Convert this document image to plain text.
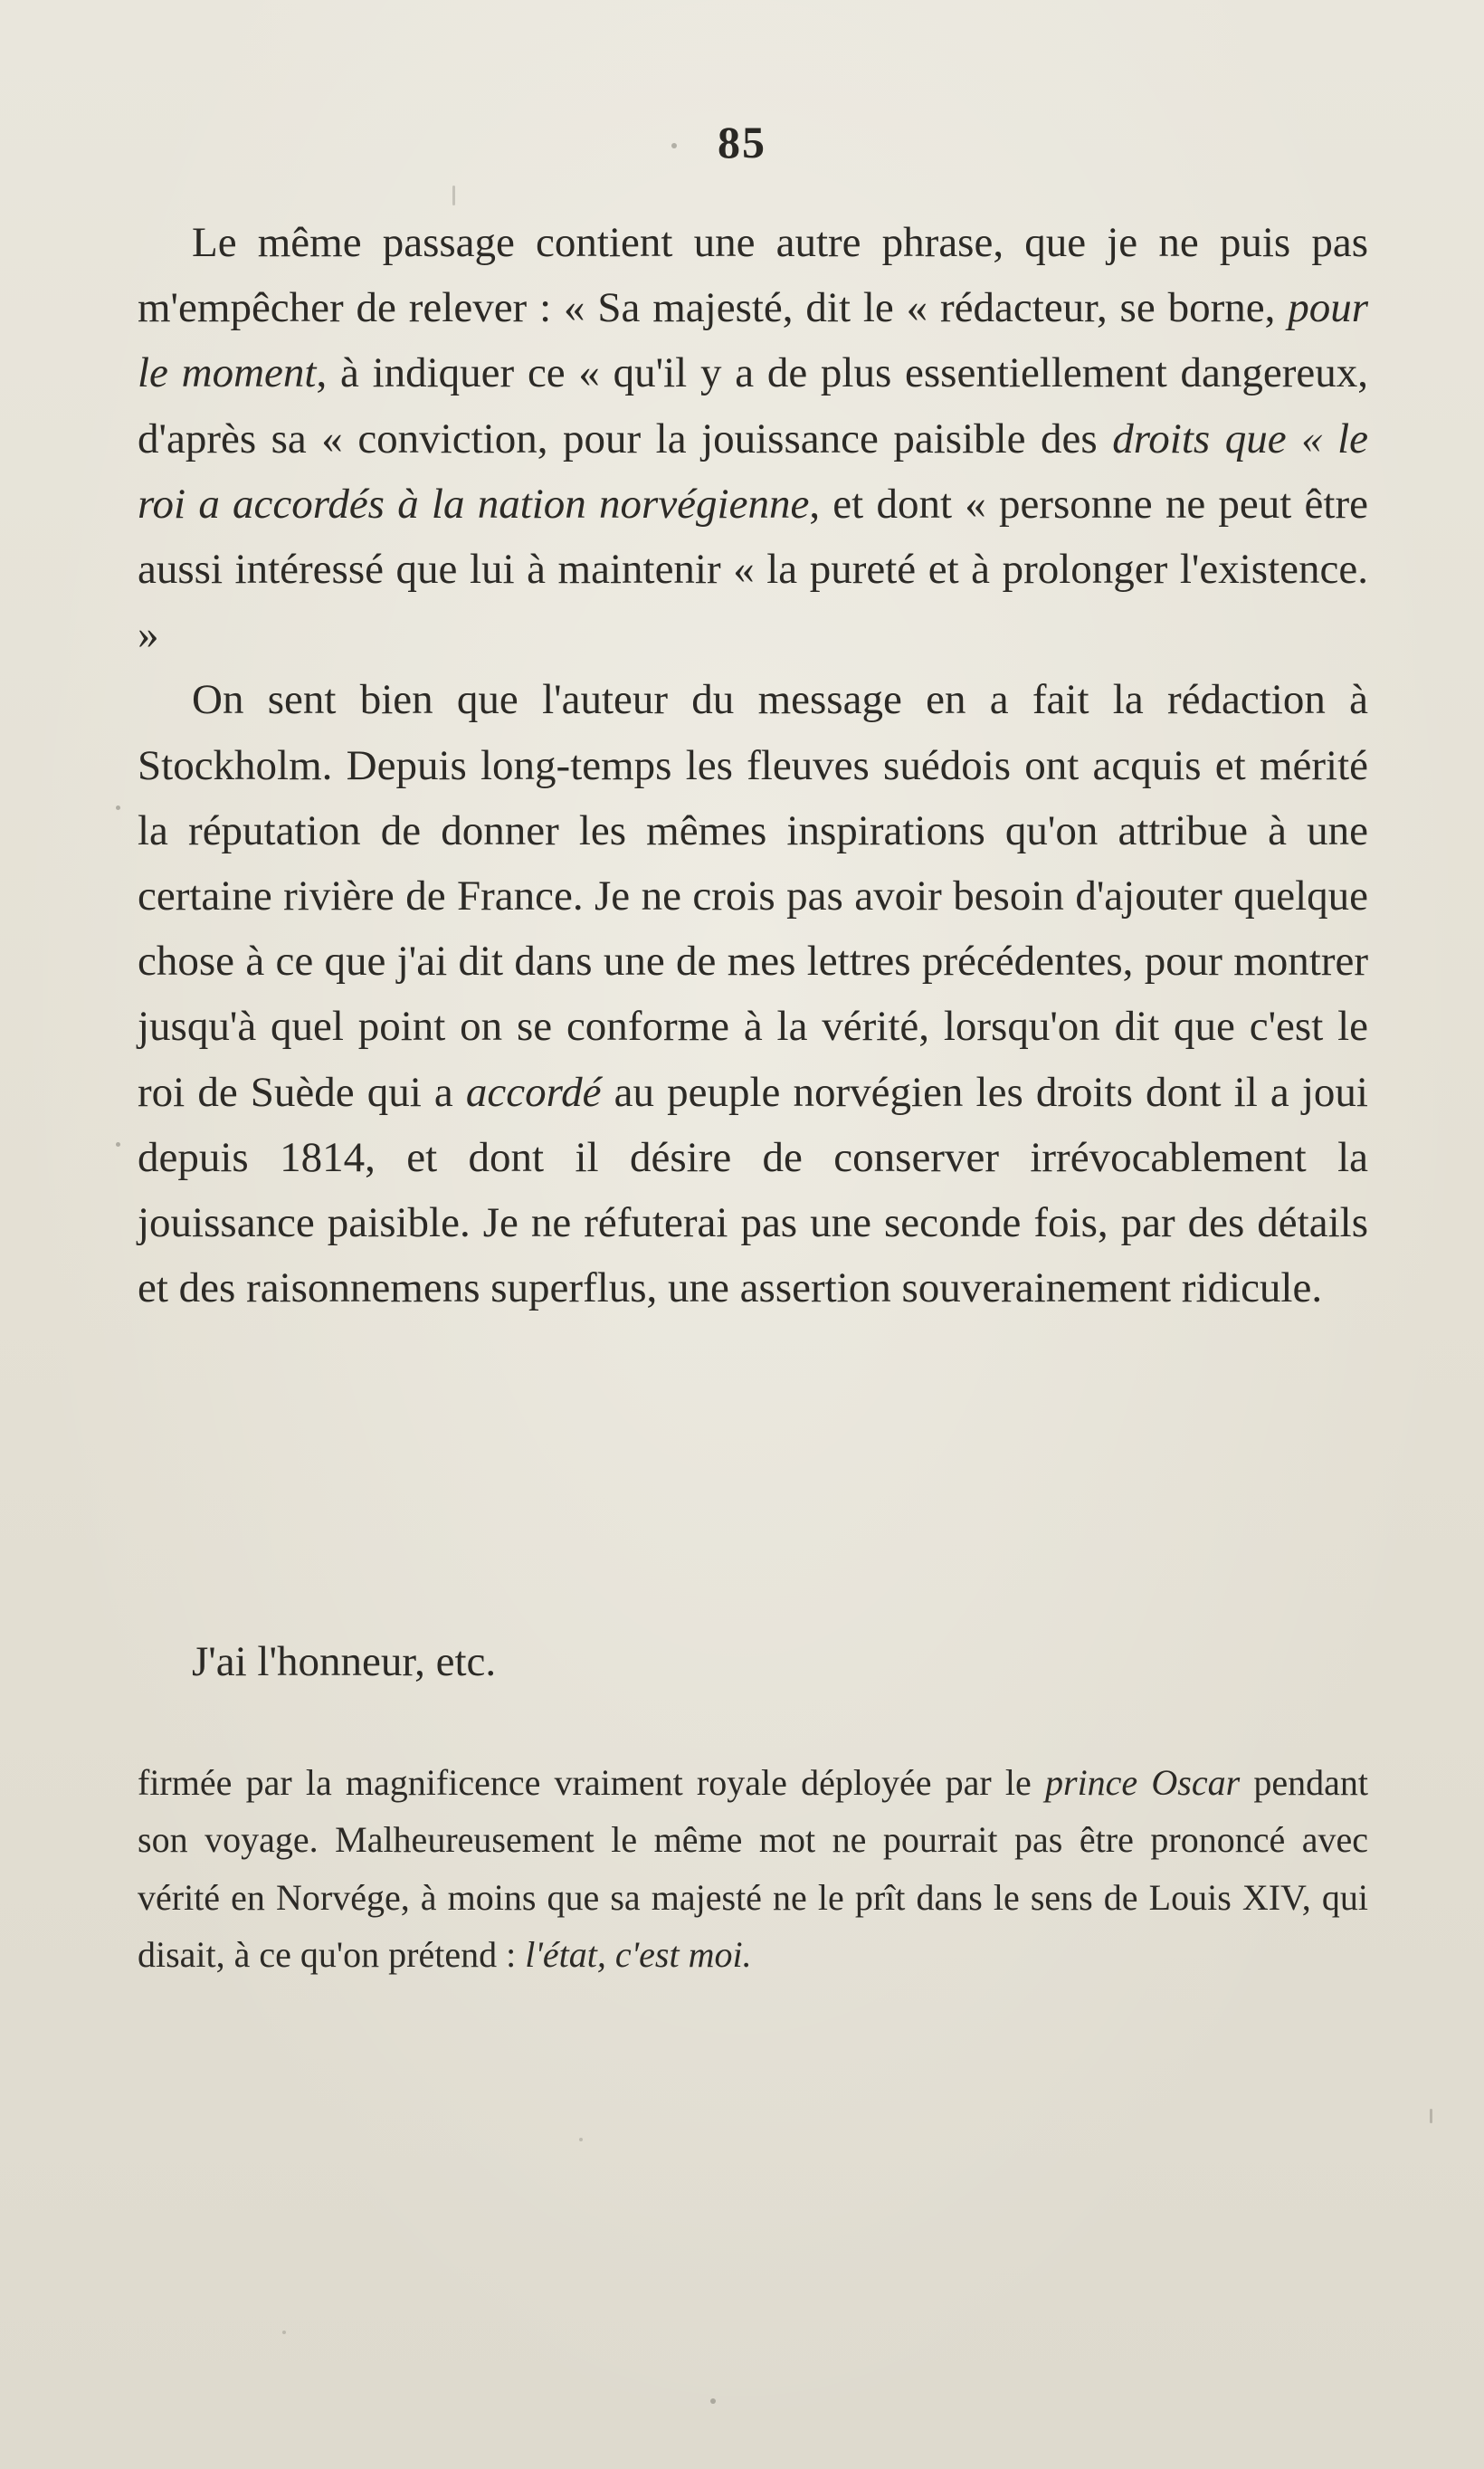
85

Le même passage contient une autre phrase, que je ne puis pas m'empêcher de relever : « Sa majesté, dit le « rédacteur, se borne, pour le moment, à indiquer ce « qu'il y a de plus essentiellement dangereux, d'après sa « conviction, pour la jouissance paisible des droits que « le roi a accordés à la nation norvégienne, et dont « personne ne peut être aussi intéressé que lui à maintenir « la pureté et à prolonger l'existence. »

On sent bien que l'auteur du message en a fait la rédaction à Stockholm. Depuis long-temps les fleuves suédois ont acquis et mérité la réputation de donner les mêmes inspirations qu'on attribue à une certaine rivière de France. Je ne crois pas avoir besoin d'ajouter quelque chose à ce que j'ai dit dans une de mes lettres précédentes, pour montrer jusqu'à quel point on se conforme à la vérité, lorsqu'on dit que c'est le roi de Suède qui a accordé au peuple norvégien les droits dont il a joui depuis 1814, et dont il désire de conserver irrévocablement la jouissance paisible. Je ne réfuterai pas une seconde fois, par des détails et des raisonnemens superflus, une assertion souverainement ridicule.

J'ai l'honneur, etc.

firmée par la magnificence vraiment royale déployée par le prince Oscar pendant son voyage. Malheureusement le même mot ne pourrait pas être prononcé avec vérité en Norvége, à moins que sa majesté ne le prît dans le sens de Louis XIV, qui disait, à ce qu'on prétend : l'état, c'est moi.
